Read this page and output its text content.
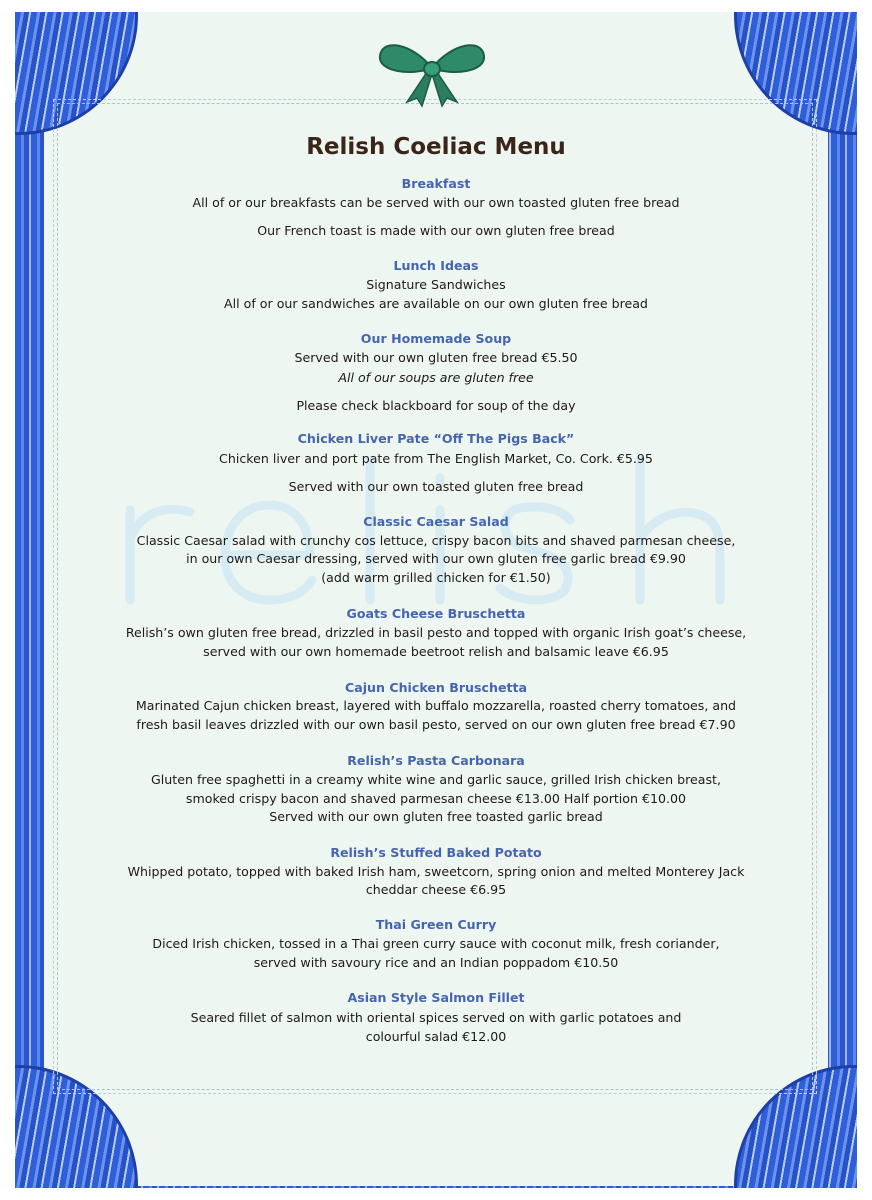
Relish Coeliac Menu
Breakfast
All of or our breakfasts can be served with our own toasted gluten free bread
Our French toast is made with our own gluten free bread
Lunch Ideas
Signature Sandwiches
All of or our sandwiches are available on our own gluten free bread
Our Homemade Soup
Served with our own gluten free bread €5.50
All of our soups are gluten free
Please check blackboard for soup of the day
Chicken Liver Pate “Off The Pigs Back”
Chicken liver and port pate from The English Market, Co. Cork. €5.95
Served with our own toasted gluten free bread
Classic Caesar Salad
Classic Caesar salad with crunchy cos lettuce, crispy bacon bits and shaved parmesan cheese,
in our own Caesar dressing, served with our own gluten free garlic bread €9.90
(add warm grilled chicken for €1.50)
Goats Cheese Bruschetta
Relish’s own gluten free bread, drizzled in basil pesto and topped with organic Irish goat’s cheese,
served with our own homemade beetroot relish and balsamic leave €6.95
Cajun Chicken Bruschetta
Marinated Cajun chicken breast, layered with buffalo mozzarella, roasted cherry tomatoes, and
fresh basil leaves drizzled with our own basil pesto, served on our own gluten free bread €7.90
Relish’s Pasta Carbonara
Gluten free spaghetti in a creamy white wine and garlic sauce, grilled Irish chicken breast,
smoked crispy bacon and shaved parmesan cheese €13.00 Half portion €10.00
Served with our own gluten free toasted garlic bread
Relish’s Stuffed Baked Potato
Whipped potato, topped with baked Irish ham, sweetcorn, spring onion and melted Monterey Jack
cheddar cheese €6.95
Thai Green Curry
Diced Irish chicken, tossed in a Thai green curry sauce with coconut milk, fresh coriander,
served with savoury rice and an Indian poppadom €10.50
Asian Style Salmon Fillet
Seared fillet of salmon with oriental spices served on with garlic potatoes and
colourful salad €12.00
